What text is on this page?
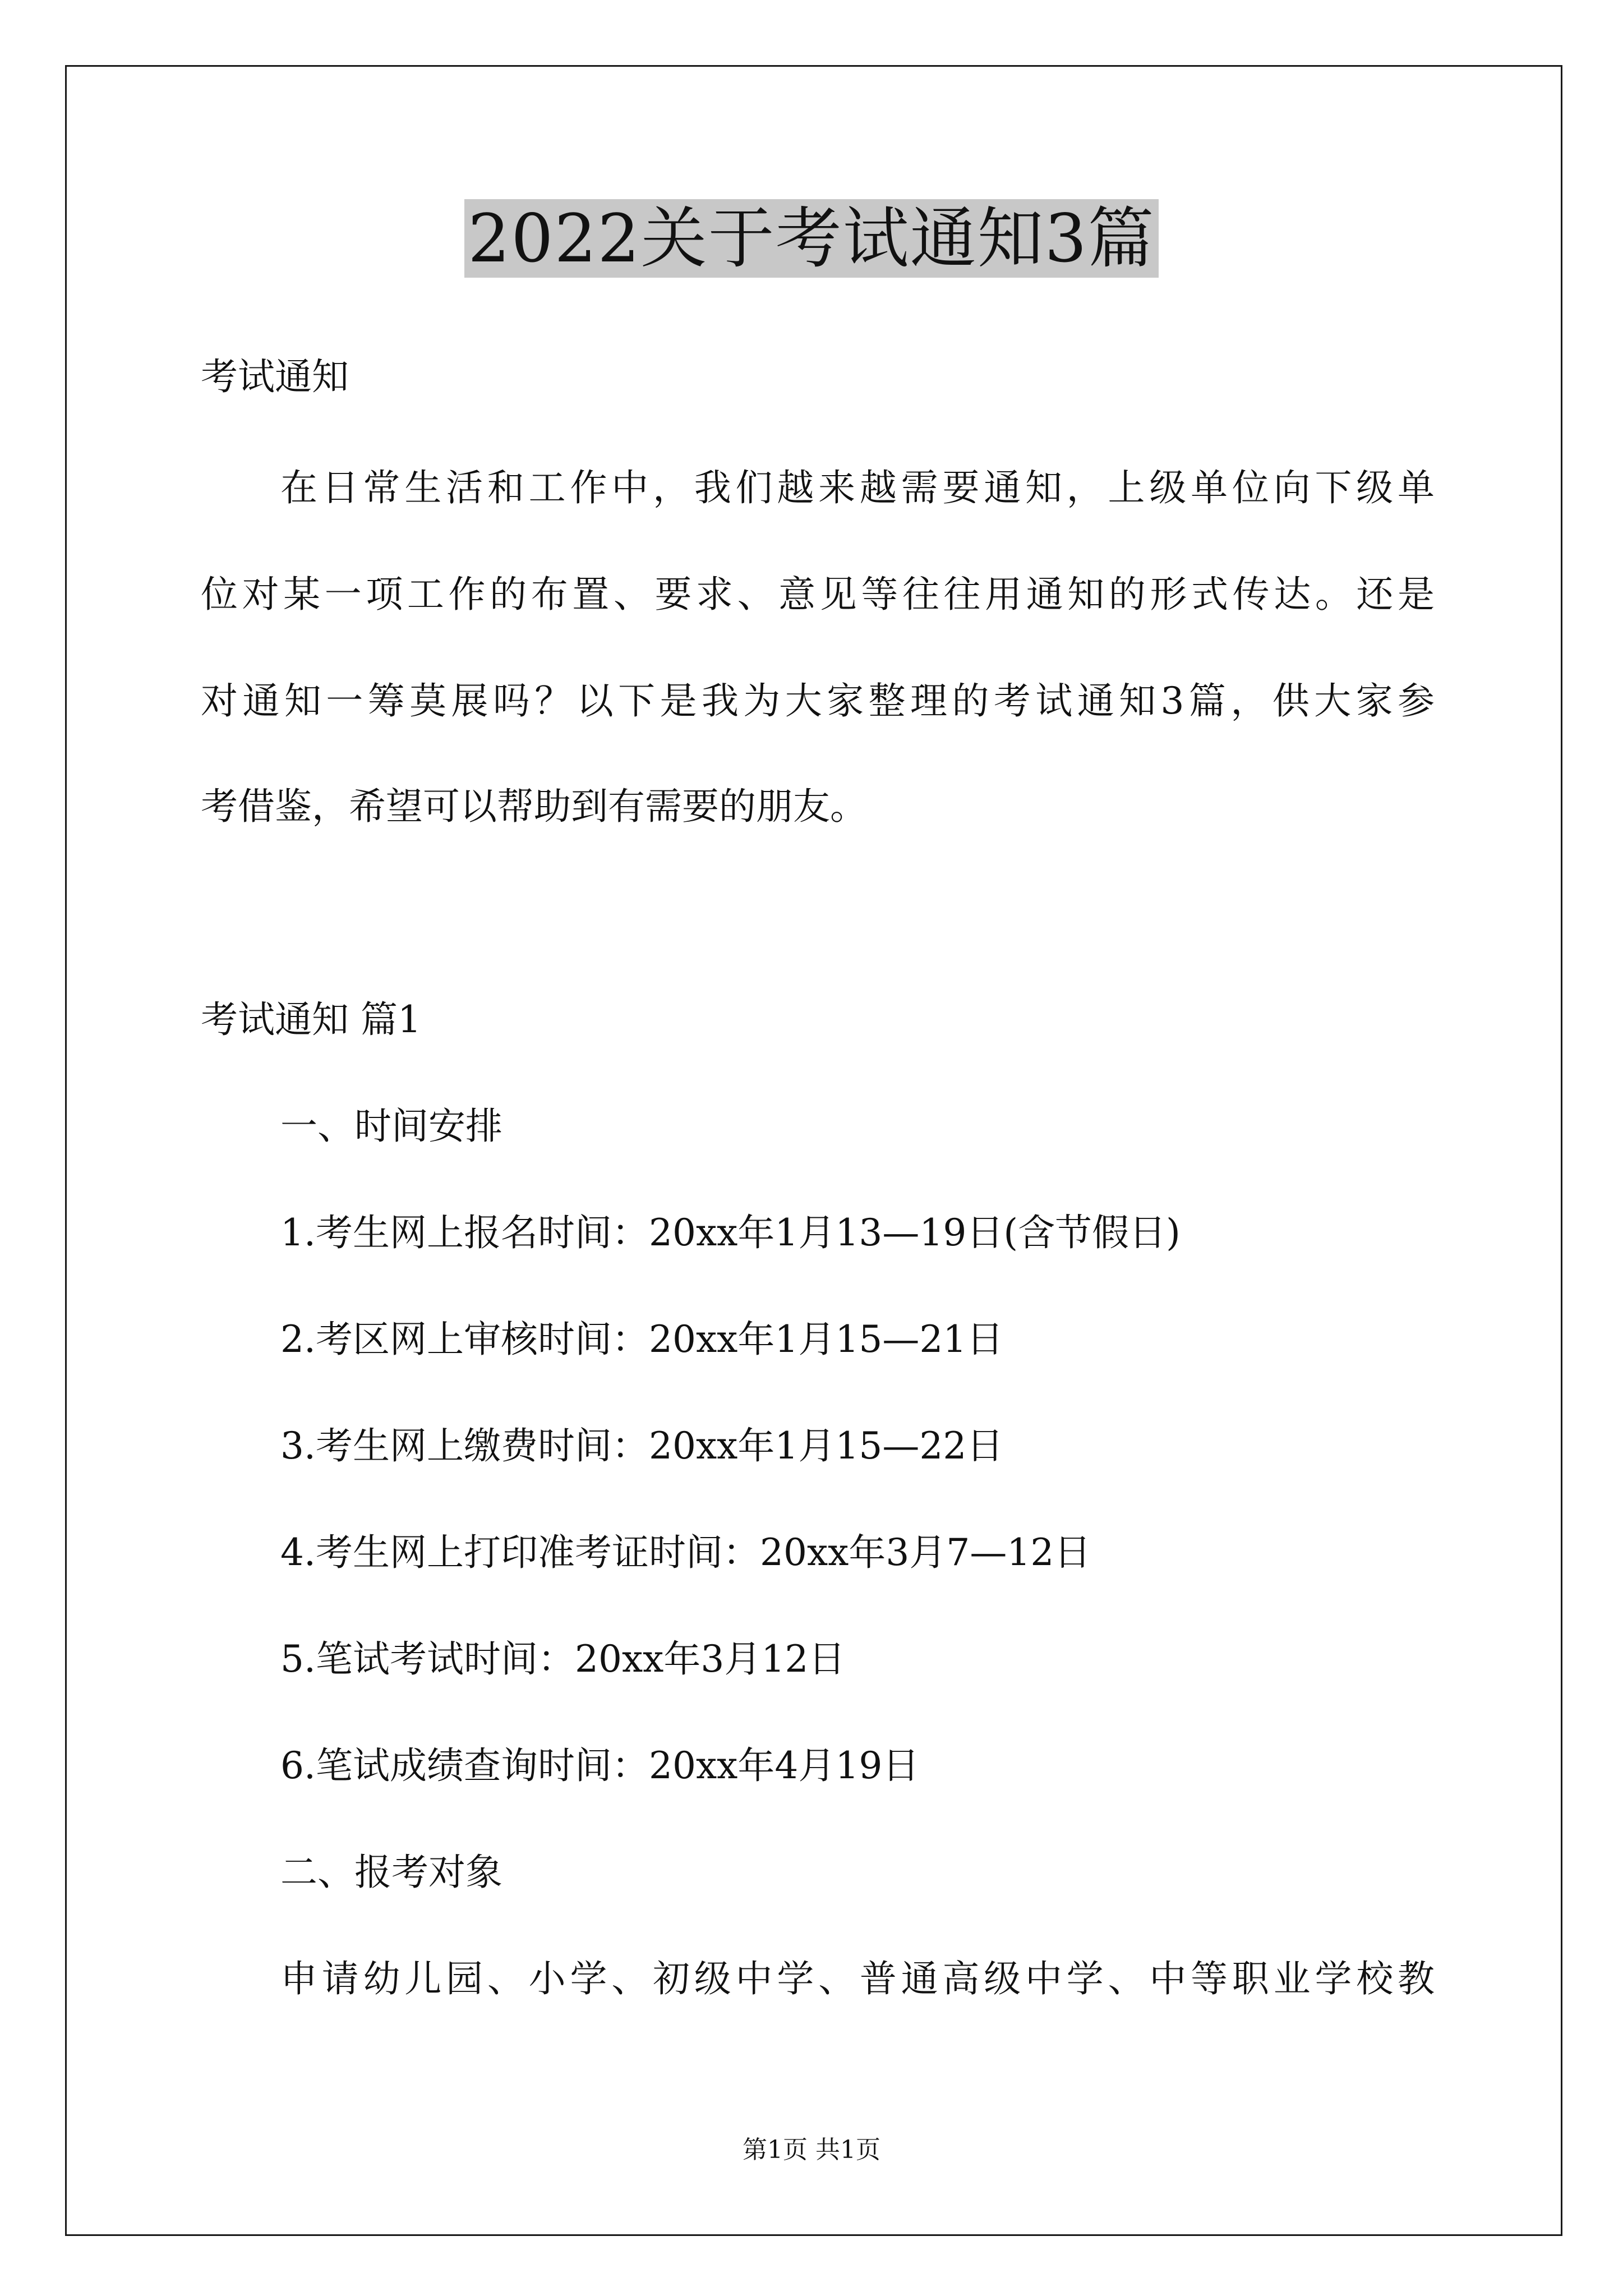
2022关于考试通知3篇
考试通知
在日常生活和工作中，我们越来越需要通知，上级单位向下级单
位对某一项工作的布置、要求、意见等往往用通知的形式传达。还是
对通知一筹莫展吗？以下是我为大家整理的考试通知3篇，供大家参
考借鉴，希望可以帮助到有需要的朋友。
考试通知 篇1
一、时间安排
1.考生网上报名时间：20xx年1月13—19日(含节假日)
2.考区网上审核时间：20xx年1月15—21日
3.考生网上缴费时间：20xx年1月15—22日
4.考生网上打印准考证时间：20xx年3月7—12日
5.笔试考试时间：20xx年3月12日
6.笔试成绩查询时间：20xx年4月19日
二、报考对象
申请幼儿园、小学、初级中学、普通高级中学、中等职业学校教
第1页 共1页
